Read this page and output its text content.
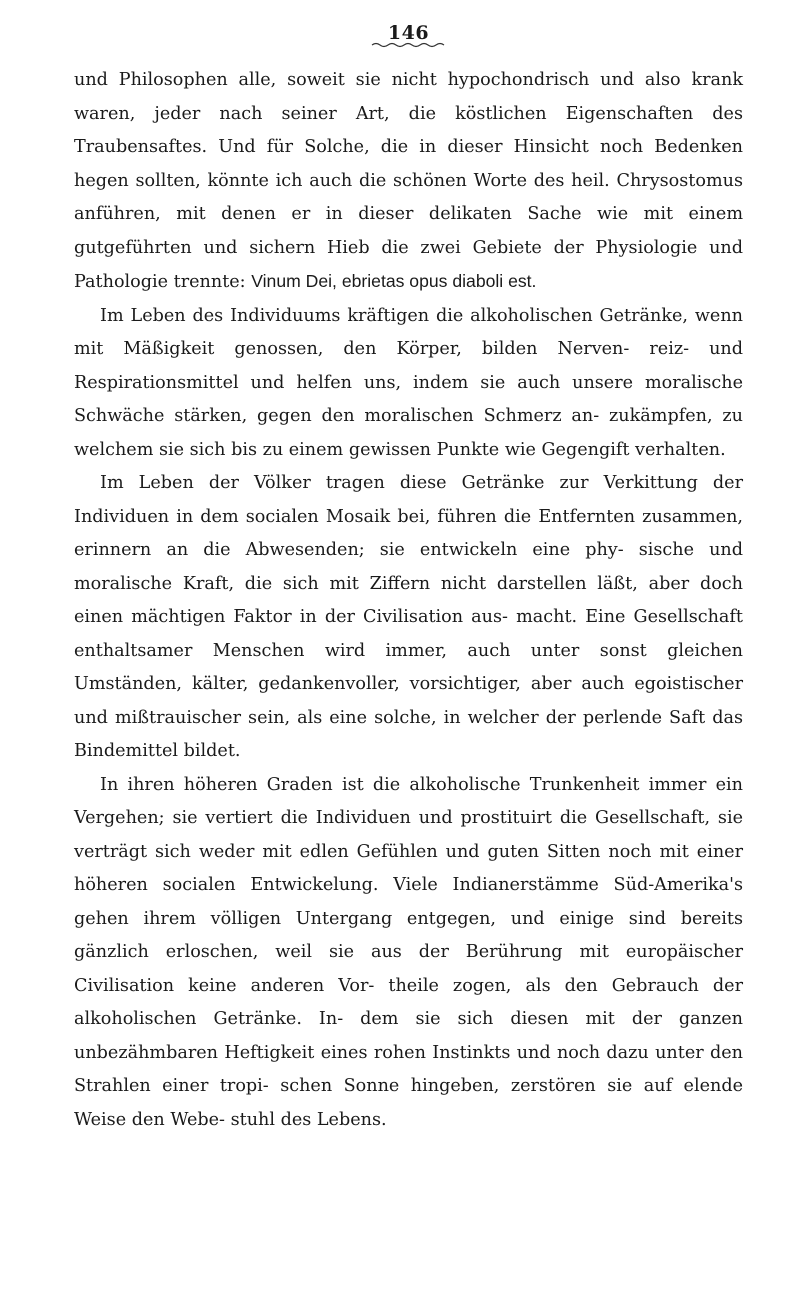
146

und Philosophen alle, soweit sie nicht hypochondrisch und also krank waren, jeder nach seiner Art, die köstlichen Eigenschaften des Traubensaftes. Und für Solche, die in dieser Hinsicht noch Bedenken hegen sollten, könnte ich auch die schönen Worte des heil. Chrysostomus anführen, mit denen er in dieser delikaten Sache wie mit einem gutgeführten und sichern Hieb die zwei Gebiete der Physiologie und Pathologie trennte: Vinum Dei, ebrietas opus diaboli est.

Im Leben des Individuums kräftigen die alkoholischen Getränke, wenn mit Mäßigkeit genossen, den Körper, bilden Nerven- reiz- und Respirationsmittel und helfen uns, indem sie auch unsere moralische Schwäche stärken, gegen den moralischen Schmerz an- zukämpfen, zu welchem sie sich bis zu einem gewissen Punkte wie Gegengift verhalten.

Im Leben der Völker tragen diese Getränke zur Verkittung der Individuen in dem socialen Mosaik bei, führen die Entfernten zusammen, erinnern an die Abwesenden; sie entwickeln eine phy- sische und moralische Kraft, die sich mit Ziffern nicht darstellen läßt, aber doch einen mächtigen Faktor in der Civilisation aus- macht. Eine Gesellschaft enthaltsamer Menschen wird immer, auch unter sonst gleichen Umständen, kälter, gedankenvoller, vorsichtiger, aber auch egoistischer und mißtrauischer sein, als eine solche, in welcher der perlende Saft das Bindemittel bildet.

In ihren höheren Graden ist die alkoholische Trunkenheit immer ein Vergehen; sie vertiert die Individuen und prostituirt die Gesellschaft, sie verträgt sich weder mit edlen Gefühlen und guten Sitten noch mit einer höheren socialen Entwickelung. Viele Indianerstämme Süd-Amerika's gehen ihrem völligen Untergang entgegen, und einige sind bereits gänzlich erloschen, weil sie aus der Berührung mit europäischer Civilisation keine anderen Vor- theile zogen, als den Gebrauch der alkoholischen Getränke. In- dem sie sich diesen mit der ganzen unbezähmbaren Heftigkeit eines rohen Instinkts und noch dazu unter den Strahlen einer tropi- schen Sonne hingeben, zerstören sie auf elende Weise den Webe- stuhl des Lebens.
